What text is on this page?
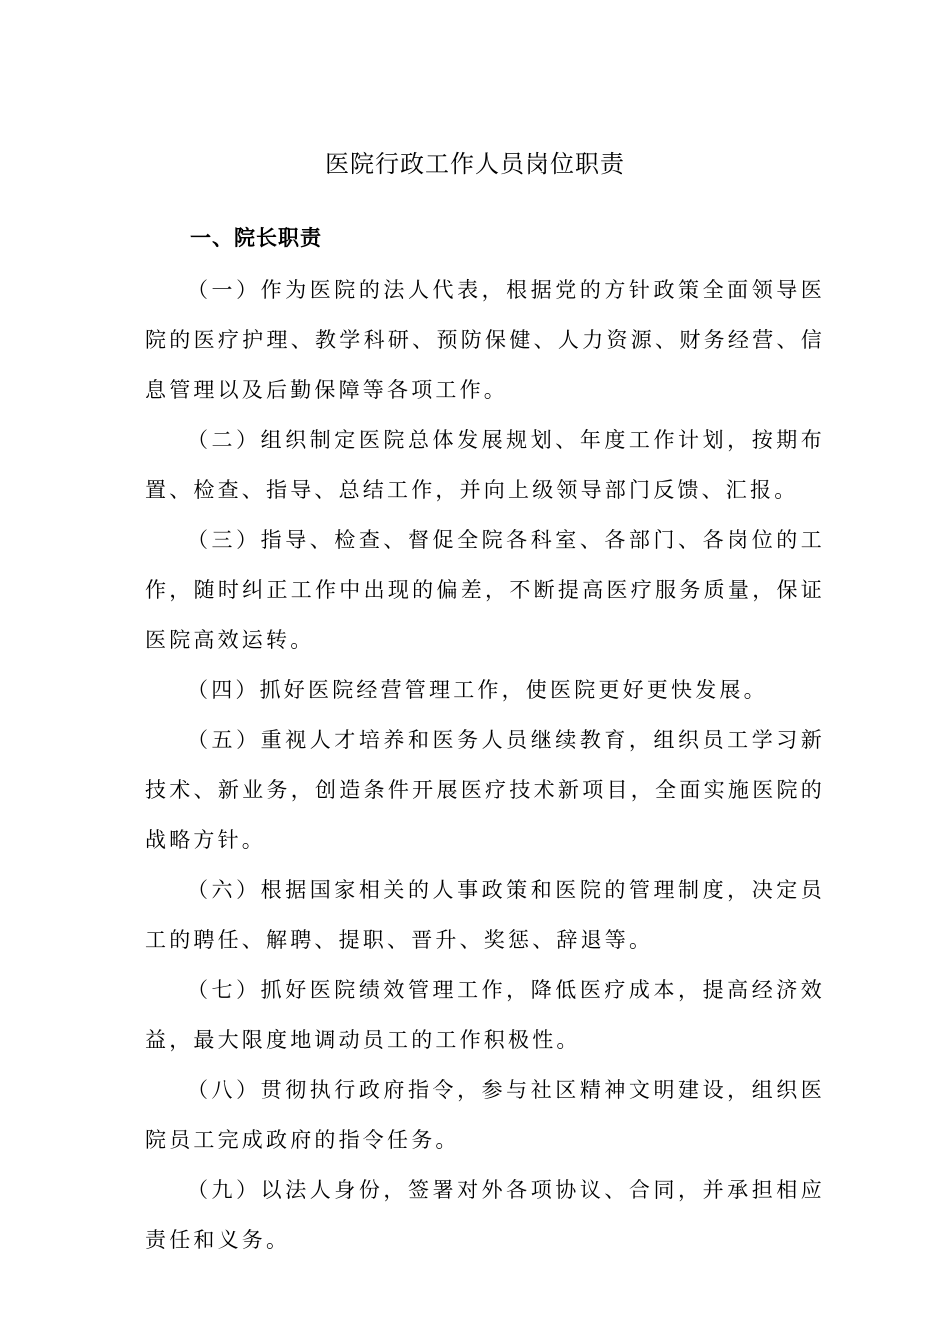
医院行政工作人员岗位职责
一、院长职责

（一）作为医院的法人代表，根据党的方针政策全面领导医院的医疗护理、教学科研、预防保健、人力资源、财务经营、信息管理以及后勤保障等各项工作。

（二）组织制定医院总体发展规划、年度工作计划，按期布置、检查、指导、总结工作，并向上级领导部门反馈、汇报。

（三）指导、检查、督促全院各科室、各部门、各岗位的工作，随时纠正工作中出现的偏差，不断提高医疗服务质量，保证医院高效运转。

（四）抓好医院经营管理工作，使医院更好更快发展。

（五）重视人才培养和医务人员继续教育，组织员工学习新技术、新业务，创造条件开展医疗技术新项目，全面实施医院的战略方针。

（六）根据国家相关的人事政策和医院的管理制度，决定员工的聘任、解聘、提职、晋升、奖惩、辞退等。

（七）抓好医院绩效管理工作，降低医疗成本，提高经济效益，最大限度地调动员工的工作积极性。

（八）贯彻执行政府指令，参与社区精神文明建设，组织医院员工完成政府的指令任务。

（九）以法人身份，签署对外各项协议、合同，并承担相应责任和义务。
